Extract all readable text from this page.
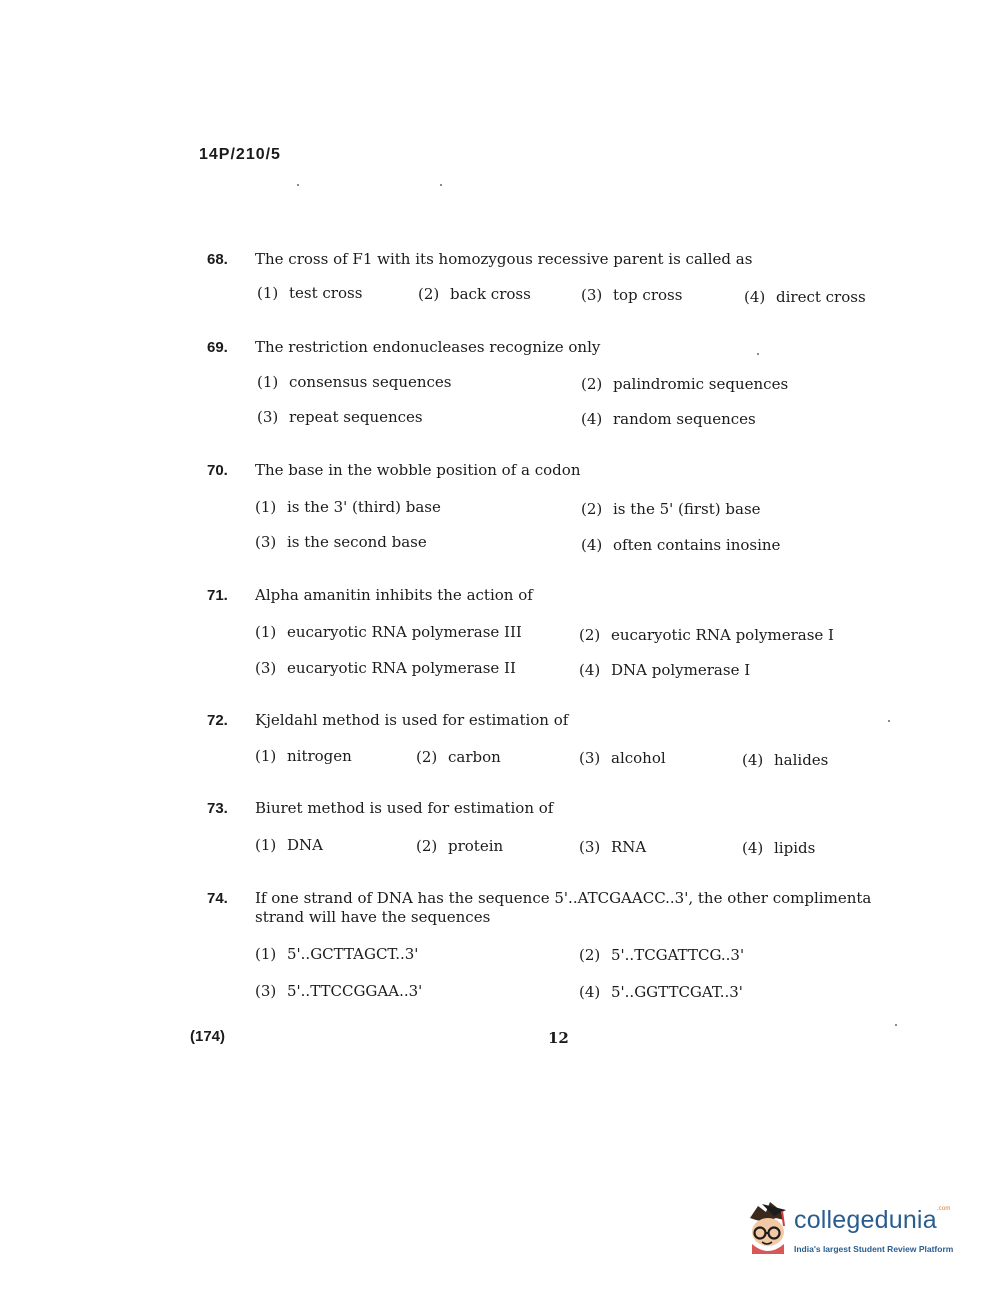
14P/210/5
68.	The cross of F1 with its homozygous recessive parent is called as
(1) test cross	(2) back cross	(3) top cross	(4) direct cross
69.	The restriction endonucleases recognize only
(1) consensus sequences	(2) palindromic sequences
(3) repeat sequences	(4) random sequences
70.	The base in the wobble position of a codon
(1) is the 3' (third) base	(2) is the 5' (first) base
(3) is the second base	(4) often contains inosine
71.	Alpha amanitin inhibits the action of
(1) eucaryotic RNA polymerase III	(2) eucaryotic RNA polymerase I
(3) eucaryotic RNA polymerase II	(4) DNA polymerase I
72.	Kjeldahl method is used for estimation of
(1) nitrogen	(2) carbon	(3) alcohol	(4) halides
73.	Biuret method is used for estimation of
(1) DNA	(2) protein	(3) RNA	(4) lipids
74.	If one strand of DNA has the sequence 5'..ATCGAACC..3', the other complimenta strand will have the sequences
(1) 5'..GCTTAGCT..3'	(2) 5'..TCGATTCG..3'
(3) 5'..TTCCGGAA..3'	(4) 5'..GGTTCGAT..3'
(174)	12
collegedunia$^{.com}$
India's largest Student Review Platform
